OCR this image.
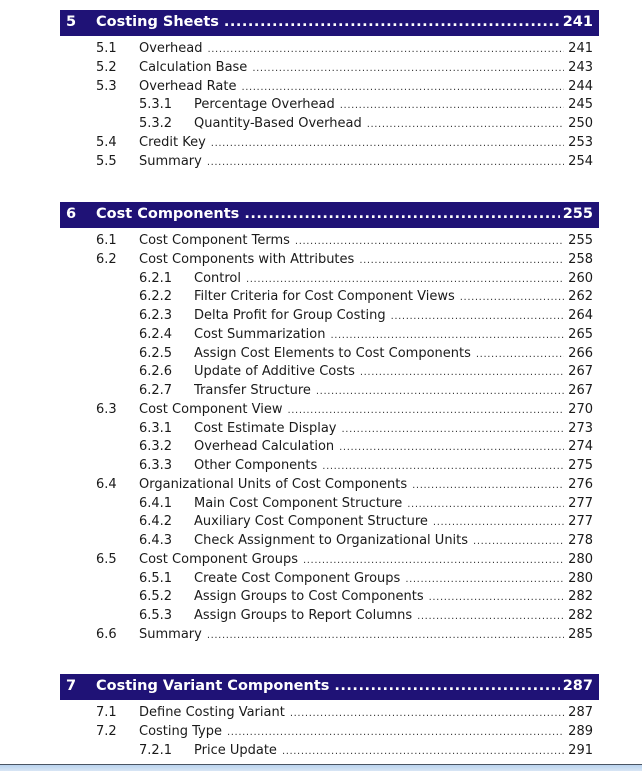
5 Costing Sheets .....	241
5.1 Overhead .....	241
5.2 Calculation Base .....	243
5.3 Overhead Rate .....	244
5.3.1 Percentage Overhead .....	245
5.3.2 Quantity-Based Overhead .....	250
5.4 Credit Key .....	253
5.5 Summary .....	254
6 Cost Components .....	255
6.1 Cost Component Terms .....	255
6.2 Cost Components with Attributes .....	258
6.2.1 Control .....	260
6.2.2 Filter Criteria for Cost Component Views .....	262
6.2.3 Delta Profit for Group Costing .....	264
6.2.4 Cost Summarization .....	265
6.2.5 Assign Cost Elements to Cost Components .....	266
6.2.6 Update of Additive Costs .....	267
6.2.7 Transfer Structure .....	267
6.3 Cost Component View .....	270
6.3.1 Cost Estimate Display .....	273
6.3.2 Overhead Calculation .....	274
6.3.3 Other Components .....	275
6.4 Organizational Units of Cost Components .....	276
6.4.1 Main Cost Component Structure .....	277
6.4.2 Auxiliary Cost Component Structure .....	277
6.4.3 Check Assignment to Organizational Units .....	278
6.5 Cost Component Groups .....	280
6.5.1 Create Cost Component Groups .....	280
6.5.2 Assign Groups to Cost Components .....	282
6.5.3 Assign Groups to Report Columns .....	282
6.6 Summary .....	285
7 Costing Variant Components .....	287
7.1 Define Costing Variant .....	287
7.2 Costing Type .....	289
7.2.1 Price Update .....	291
